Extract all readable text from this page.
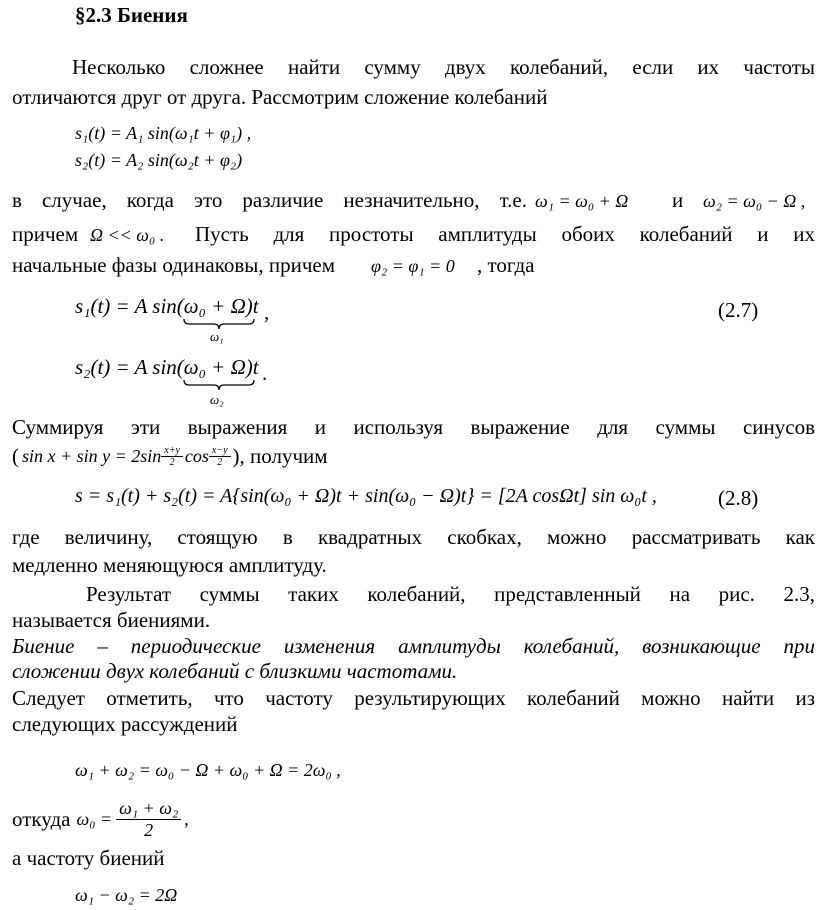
§2.3 Биения
Несколько сложнее найти сумму двух колебаний, если их частоты
отличаются друг от друга. Рассмотрим сложение колебаний
s₁(t) = A₁ sin(ω₁t + φ₁) ,
s₂(t) = A₂ sin(ω₂t + φ₂)
в случае, когда это различие незначительно, т.е. ω₁ = ω₀ + Ω и ω₂ = ω₀ − Ω ,
причем Ω << ω₀ . Пусть для простоты амплитуды обоих колебаний и их
начальные фазы одинаковы, причем φ₂ = φ₁ = 0 , тогда
s₁(t) = A sin(ω₀ + Ω)t
ω₁
,	(2.7)
s₂(t) = A sin(ω₀ + Ω)t
ω₂
.
Суммируя эти выражения и используя выражение для суммы синусов
( $\sin x + \sin y = 2\sin \frac{x+y}{2}$ $\cos \frac{x-y}{2}$ ), получим
s = s₁(t) + s₂(t) = A{sin(ω₀ + Ω)t + sin(ω₀ − Ω)t} = [2A cosΩt] sin ω₀t ,	(2.8)
где величину, стоящую в квадратных скобках, можно рассматривать как
медленно меняющуюся амплитуду.
Результат суммы таких колебаний, представленный на рис. 2.3,
называется биениями.
Биение – периодические изменения амплитуды колебаний, возникающие при
сложении двух колебаний с близкими частотами.
Следует отметить, что частоту результирующих колебаний можно найти из
следующих рассуждений
ω₁ + ω₂ = ω₀ − Ω + ω₀ + Ω = 2ω₀ ,
откуда $\omega_0 = \frac{\text{ω₁ + ω₂}}{2}$ ,
а частоту биений
ω₁ − ω₂ = 2Ω
